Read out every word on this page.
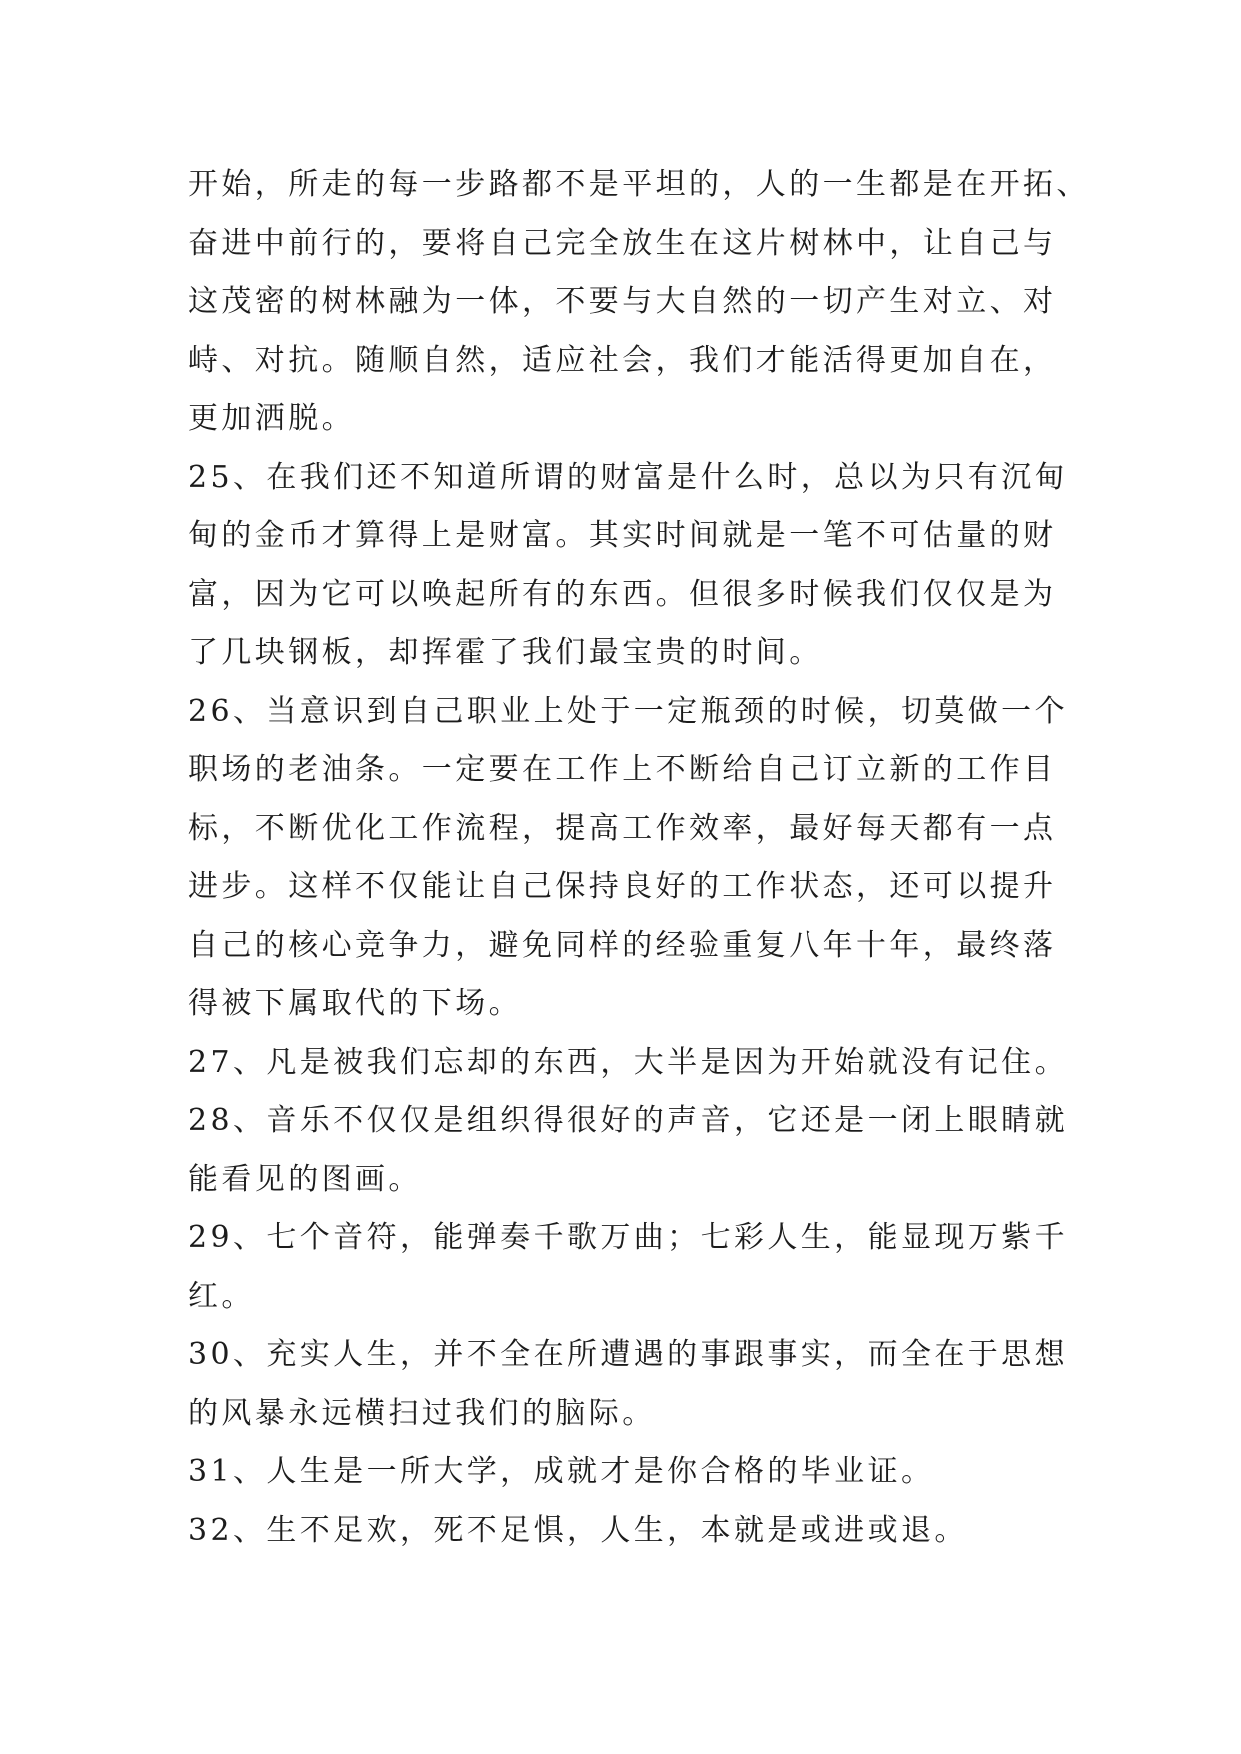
开始，所走的每一步路都不是平坦的，人的一生都是在开拓、
奋进中前行的，要将自己完全放生在这片树林中，让自己与
这茂密的树林融为一体，不要与大自然的一切产生对立、对
峙、对抗。随顺自然，适应社会，我们才能活得更加自在，
更加洒脱。
25、在我们还不知道所谓的财富是什么时，总以为只有沉甸
甸的金币才算得上是财富。其实时间就是一笔不可估量的财
富，因为它可以唤起所有的东西。但很多时候我们仅仅是为
了几块钢板，却挥霍了我们最宝贵的时间。
26、当意识到自己职业上处于一定瓶颈的时候，切莫做一个
职场的老油条。一定要在工作上不断给自己订立新的工作目
标，不断优化工作流程，提高工作效率，最好每天都有一点
进步。这样不仅能让自己保持良好的工作状态，还可以提升
自己的核心竞争力，避免同样的经验重复八年十年，最终落
得被下属取代的下场。
27、凡是被我们忘却的东西，大半是因为开始就没有记住。
28、音乐不仅仅是组织得很好的声音，它还是一闭上眼睛就
能看见的图画。
29、七个音符，能弹奏千歌万曲；七彩人生，能显现万紫千
红。
30、充实人生，并不全在所遭遇的事跟事实，而全在于思想
的风暴永远横扫过我们的脑际。
31、人生是一所大学，成就才是你合格的毕业证。
32、生不足欢，死不足惧，人生，本就是或进或退。
